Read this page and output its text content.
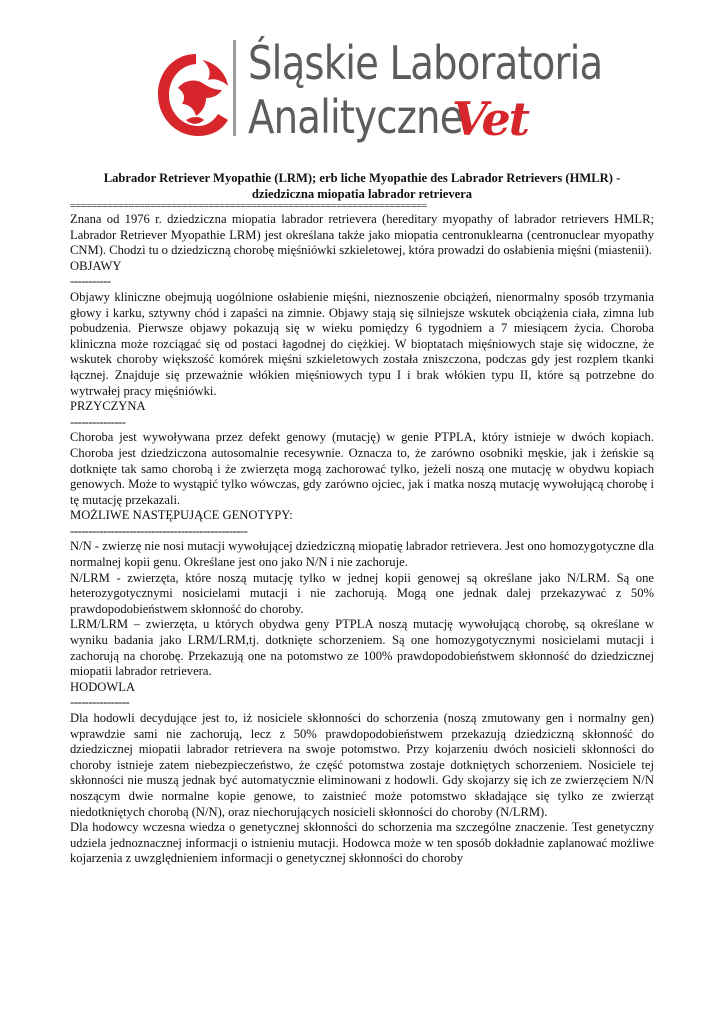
Śląskie Laboratoria
Analityczne
Vet
Labrador Retriever Myopathie (LRM); erb liche Myopathie des Labrador Retrievers (HMLR) -
dziedziczna miopatia labrador retrievera
===================================================================

Znana od 1976 r. dziedziczna miopatia labrador retrievera (hereditary myopathy of labrador retrievers HMLR; Labrador Retriever Myopathie LRM) jest określana także jako miopatia centronuklearna (centronuclear myopathy CNM). Chodzi tu o dziedziczną chorobę mięśniówki szkieletowej, która prowadzi do osłabienia mięśni (miastenii).

OBJAWY
-----------

Objawy kliniczne obejmują uogólnione osłabienie mięśni, nieznoszenie obciążeń, nienormalny sposób trzymania głowy i karku, sztywny chód i zapaści na zimnie. Objawy stają się silniejsze wskutek obciążenia ciała, zimna lub pobudzenia. Pierwsze objawy pokazują się w wieku pomiędzy 6 tygodniem a 7 miesiącem życia. Choroba kliniczna może rozciągać się od postaci łagodnej do ciężkiej. W bioptatach mięśniowych staje się widoczne, że wskutek choroby większość komórek mięśni szkieletowych została zniszczona, podczas gdy jest rozplem tkanki łącznej. Znajduje się przeważnie włókien mięśniowych typu I i brak włókien typu II, które są potrzebne do wytrwałej pracy mięśniówki.

PRZYCZYNA
---------------

Choroba jest wywoływana przez defekt genowy (mutację) w genie PTPLA, który istnieje w dwóch kopiach. Choroba jest dziedziczona autosomalnie recesywnie. Oznacza to, że zarówno osobniki męskie, jak i żeńskie są dotknięte tak samo chorobą i że zwierzęta mogą zachorować tylko, jeżeli noszą one mutację w obydwu kopiach genowych. Może to wystąpić tylko wówczas, gdy zarówno ojciec, jak i matka noszą mutację wywołującą chorobę i tę mutację przekazali.

MOŻLIWE NASTĘPUJĄCE GENOTYPY:
------------------------------------------------

N/N - zwierzę nie nosi mutacji wywołującej dziedziczną miopatię labrador retrievera. Jest ono homozygotyczne dla normalnej kopii genu. Określane jest ono jako N/N i nie zachoruje.

N/LRM - zwierzęta, które noszą mutację tylko w jednej kopii genowej są określane jako N/LRM. Są one heterozygotycznymi nosicielami mutacji i nie zachorują. Mogą one jednak dalej przekazywać z 50% prawdopodobieństwem skłonność do choroby.

LRM/LRM – zwierzęta, u których obydwa geny PTPLA noszą mutację wywołującą chorobę, są określane w wyniku badania jako LRM/LRM,tj. dotknięte schorzeniem. Są one homozygotycznymi nosicielami mutacji i zachorują na chorobę. Przekazują one na potomstwo ze 100% prawdopodobieństwem skłonność do dziedzicznej miopatii labrador retrievera.

HODOWLA
----------------

Dla hodowli decydujące jest to, iż nosiciele skłonności do schorzenia (noszą zmutowany gen i normalny gen) wprawdzie sami nie zachorują, lecz z 50% prawdopodobieństwem przekazują dziedziczną skłonność do dziedzicznej miopatii labrador retrievera na swoje potomstwo. Przy kojarzeniu dwóch nosicieli skłonności do choroby istnieje zatem niebezpieczeństwo, że część potomstwa zostaje dotkniętych schorzeniem. Nosiciele tej skłonności nie muszą jednak być automatycznie eliminowani z hodowli. Gdy skojarzy się ich ze zwierzęciem N/N noszącym dwie normalne kopie genowe, to zaistnieć może potomstwo składające się tylko ze zwierząt niedotkniętych chorobą (N/N), oraz niechorujących nosicieli skłonności do choroby (N/LRM).

Dla hodowcy wczesna wiedza o genetycznej skłonności do schorzenia ma szczególne znaczenie. Test genetyczny udziela jednoznacznej informacji o istnieniu mutacji. Hodowca może w ten sposób dokładnie zaplanować możliwe kojarzenia z uwzględnieniem informacji o genetycznej skłonności do choroby
